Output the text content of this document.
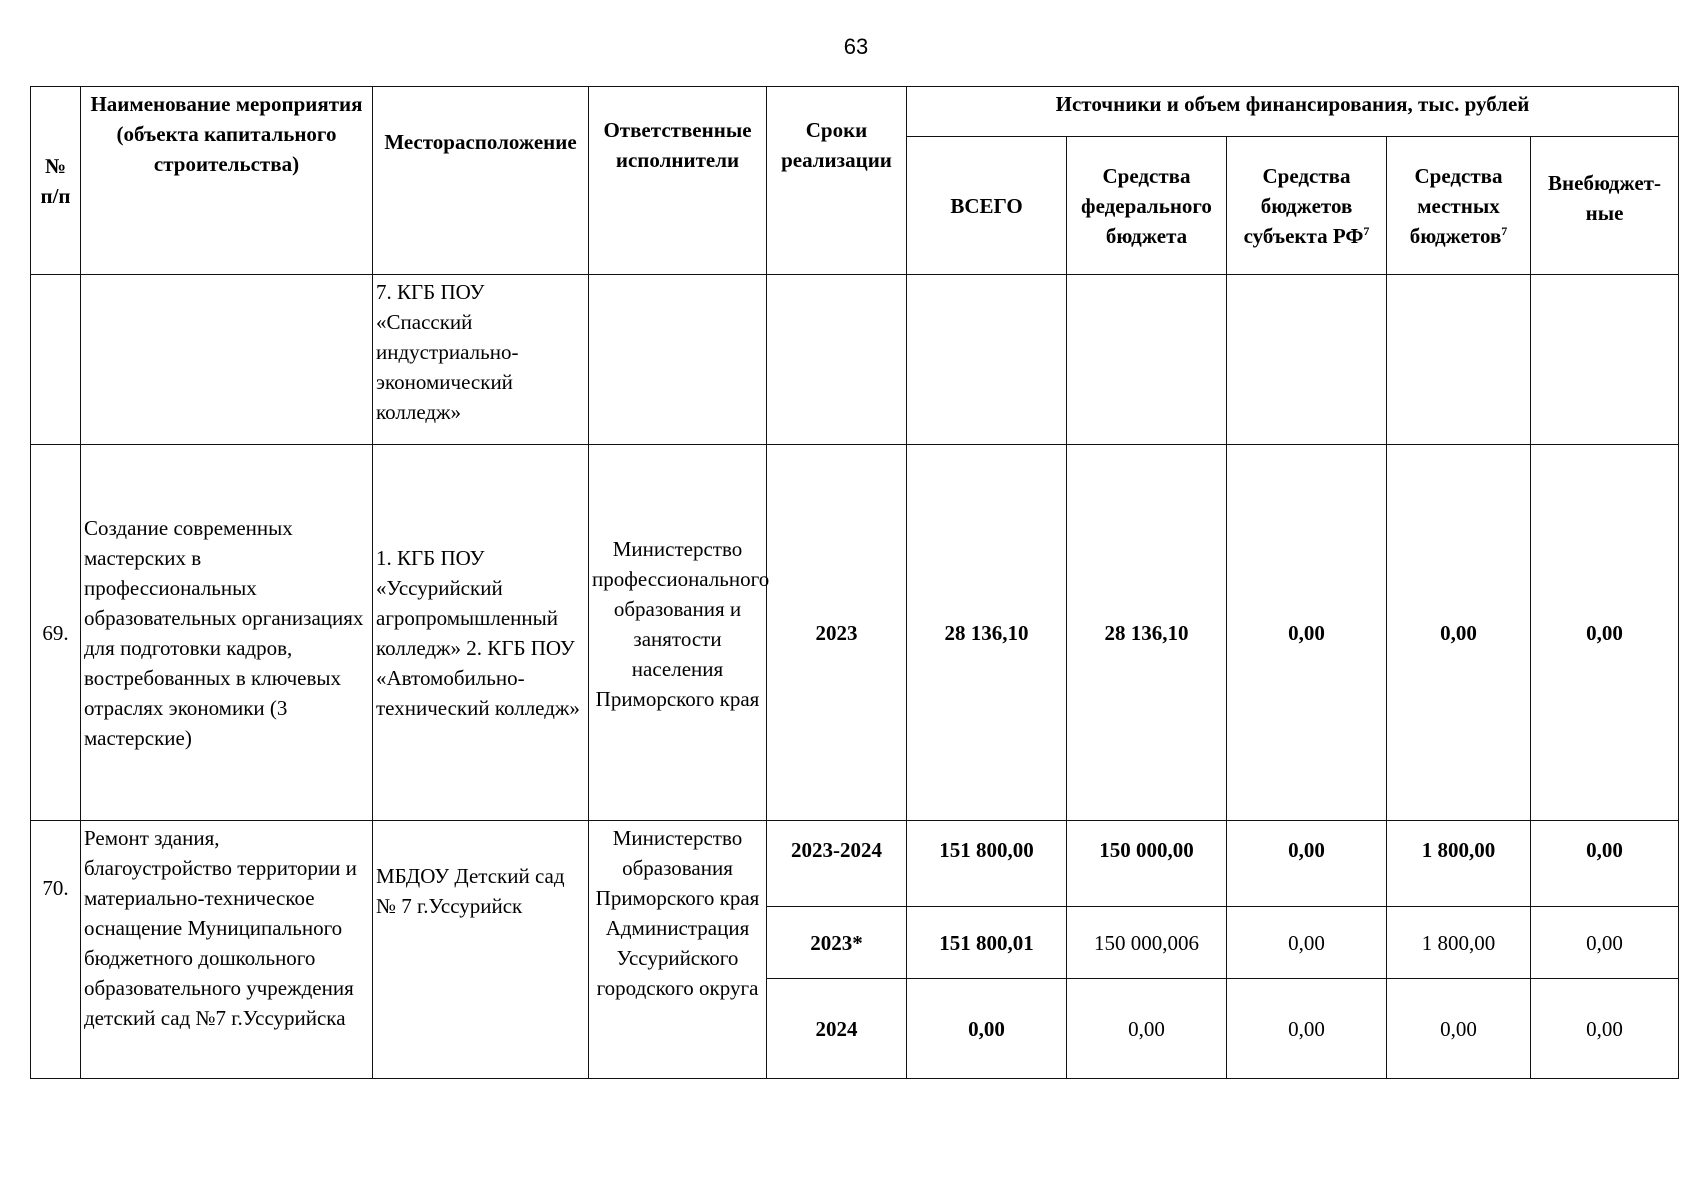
63
№ п/п	Наименование мероприятия (объекта капитального строительства)	Месторасположение	Ответственные исполнители	Сроки реализации	Источники и объем финансирования, тыс. рублей				
					ВСЕГО	Средства федерального бюджета	Средства бюджетов субъекта $РФ^7$	Средства местных бюджетов$^7$	Внебюджет-ные
		7. КГБ ПОУ «Спасский индустриально-экономический колледж»							
69.	Создание современных мастерских в профессиональных образовательных организациях для подготовки кадров, востребованных в ключевых отраслях экономики (3 мастерские)	1. КГБ ПОУ «Уссурийский агропромышленный колледж» 2. КГБ ПОУ «Автомобильно-технический колледж»	Министерство профессионального образования и занятости населения Приморского края	2023	28 136,10	28 136,10	0,00	0,00	0,00
70.	Ремонт здания, благоустройство территории и материально-техническое оснащение Муниципального бюджетного дошкольного образовательного учреждения детский сад №7 г.Уссурийска	МБДОУ Детский сад № 7 г.Уссурийск	Министерство образования Приморского края Администрация Уссурийского городского округа	2023-2024	151 800,00	150 000,00	0,00	1 800,00	0,00
				2023*	151 800,01	150 000,006	0,00	1 800,00	0,00
				2024	0,00	0,00	0,00	0,00	0,00
